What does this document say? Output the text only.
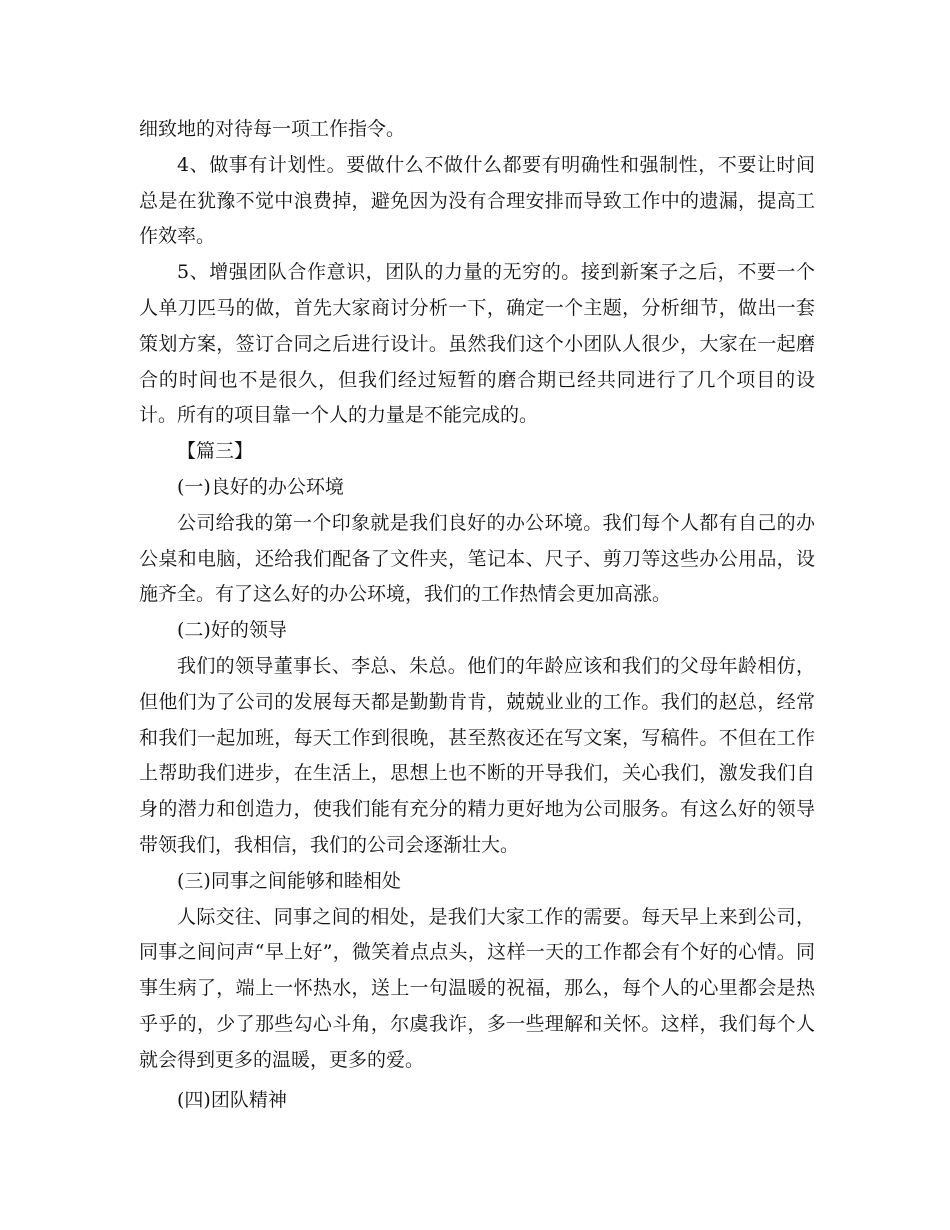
细致地的对待每一项工作指令。

4、做事有计划性。要做什么不做什么都要有明确性和强制性，不要让时间总是在犹豫不觉中浪费掉，避免因为没有合理安排而导致工作中的遗漏，提高工作效率。

5、增强团队合作意识，团队的力量的无穷的。接到新案子之后，不要一个人单刀匹马的做，首先大家商讨分析一下，确定一个主题，分析细节，做出一套策划方案，签订合同之后进行设计。虽然我们这个小团队人很少，大家在一起磨合的时间也不是很久，但我们经过短暂的磨合期已经共同进行了几个项目的设计。所有的项目靠一个人的力量是不能完成的。

【篇三】

(一)良好的办公环境

公司给我的第一个印象就是我们良好的办公环境。我们每个人都有自己的办公桌和电脑，还给我们配备了文件夹，笔记本、尺子、剪刀等这些办公用品，设施齐全。有了这么好的办公环境，我们的工作热情会更加高涨。

(二)好的领导

我们的领导董事长、李总、朱总。他们的年龄应该和我们的父母年龄相仿，但他们为了公司的发展每天都是勤勤肯肯，兢兢业业的工作。我们的赵总，经常和我们一起加班，每天工作到很晚，甚至熬夜还在写文案，写稿件。不但在工作上帮助我们进步，在生活上，思想上也不断的开导我们，关心我们，激发我们自身的潜力和创造力，使我们能有充分的精力更好地为公司服务。有这么好的领导带领我们，我相信，我们的公司会逐渐壮大。

(三)同事之间能够和睦相处

人际交往、同事之间的相处，是我们大家工作的需要。每天早上来到公司，同事之间问声“早上好”，微笑着点点头，这样一天的工作都会有个好的心情。同事生病了，端上一怀热水，送上一句温暖的祝福，那么，每个人的心里都会是热乎乎的，少了那些勾心斗角，尔虞我诈，多一些理解和关怀。这样，我们每个人就会得到更多的温暖，更多的爱。

(四)团队精神
